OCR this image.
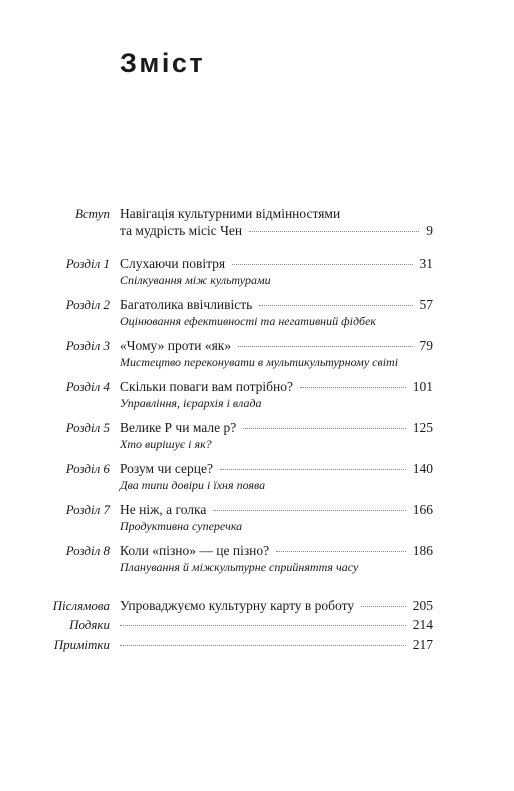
Зміст
Вступ Навігація культурними відмінностями
та мудрість місіс Чен	9
Розділ 1 Слухаючи повітря	31
Спілкування між культурами
Розділ 2 Багатолика ввічливість	57
Оцінювання ефективності та негативний фідбек
Розділ 3 «Чому» проти «як»	79
Мистецтво переконувати в мультикультурному світі
Розділ 4 Скільки поваги вам потрібно?	101
Управління, ієрархія і влада
Розділ 5 Велике Р чи мале р?	125
Хто вирішує і як?
Розділ 6 Розум чи серце?	140
Два типи довіри і їхня поява
Розділ 7 Не ніж, а голка	166
Продуктивна суперечка
Розділ 8 Коли «пізно» — це пізно?	186
Планування й міжкультурне сприйняття часу
Післямова Упроваджуємо культурну карту в роботу	205
Подяки	214
Примітки	217
